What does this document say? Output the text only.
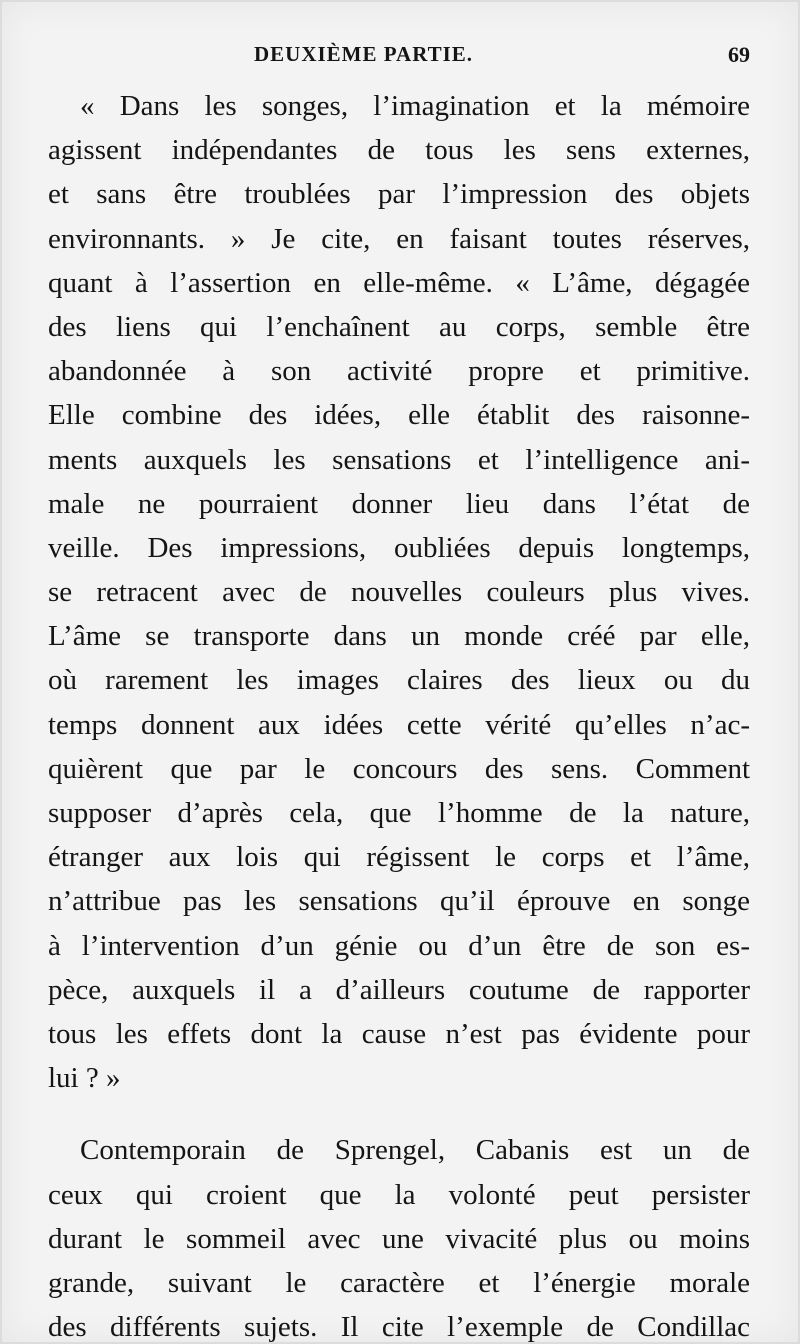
DEUXIÈME PARTIE.	69
« Dans les songes, l’imagination et la mémoire
agissent indépendantes de tous les sens externes,
et sans être troublées par l’impression des objets
environnants. » Je cite, en faisant toutes réserves,
quant à l’assertion en elle-même. « L’âme, dégagée
des liens qui l’enchaînent au corps, semble être
abandonnée à son activité propre et primitive.
Elle combine des idées, elle établit des raisonne-
ments auxquels les sensations et l’intelligence ani-
male ne pourraient donner lieu dans l’état de
veille. Des impressions, oubliées depuis longtemps,
se retracent avec de nouvelles couleurs plus vives.
L’âme se transporte dans un monde créé par elle,
où rarement les images claires des lieux ou du
temps donnent aux idées cette vérité qu’elles n’ac-
quièrent que par le concours des sens. Comment
supposer d’après cela, que l’homme de la nature,
étranger aux lois qui régissent le corps et l’âme,
n’attribue pas les sensations qu’il éprouve en songe
à l’intervention d’un génie ou d’un être de son es-
pèce, auxquels il a d’ailleurs coutume de rapporter
tous les effets dont la cause n’est pas évidente pour
lui ? »
Contemporain de Sprengel, Cabanis est un de
ceux qui croient que la volonté peut persister
durant le sommeil avec une vivacité plus ou moins
grande, suivant le caractère et l’énergie morale
des différents sujets. Il cite l’exemple de Condillac
